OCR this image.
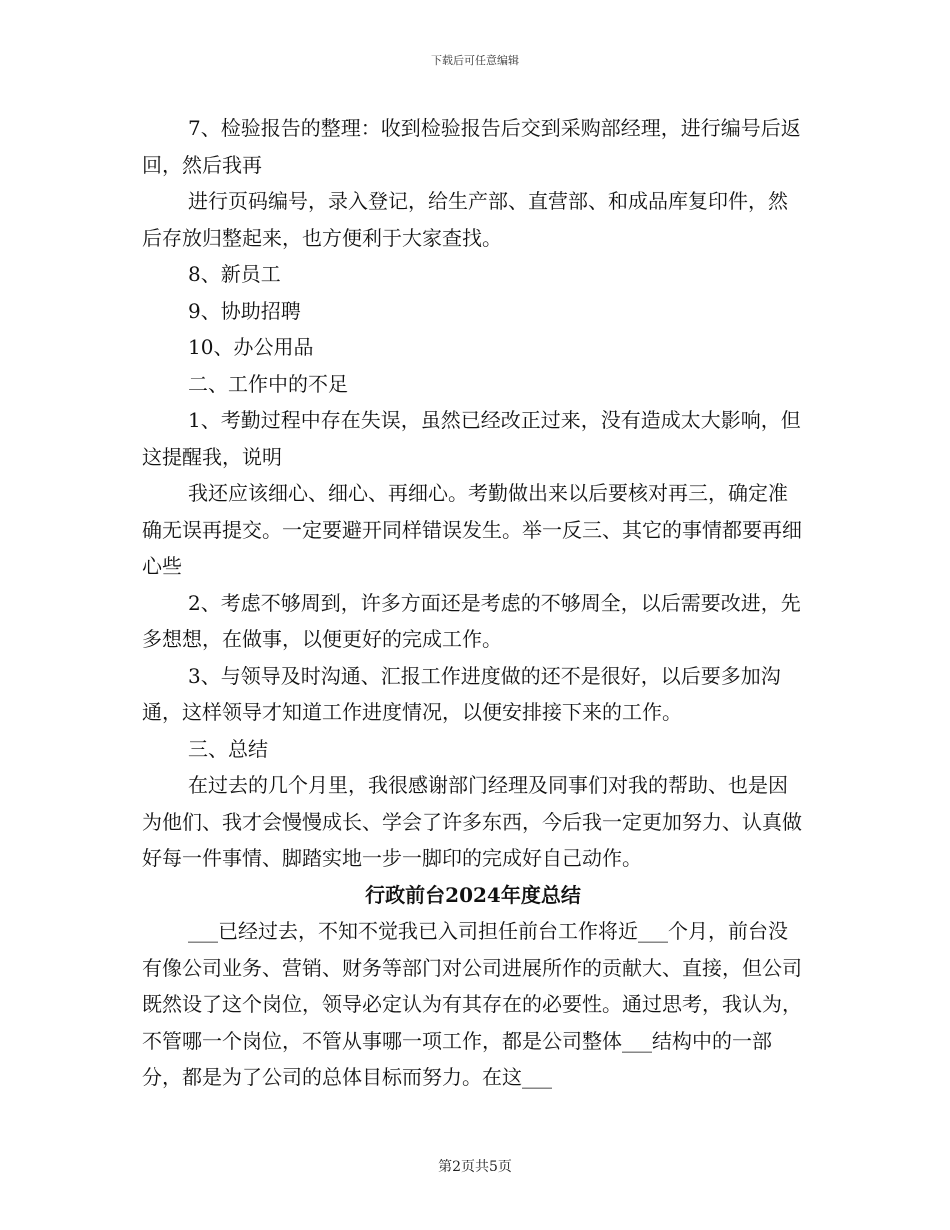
下载后可任意编辑

7、检验报告的整理：收到检验报告后交到采购部经理，进行编号后返回，然后我再

进行页码编号，录入登记，给生产部、直营部、和成品库复印件，然后存放归整起来，也方便利于大家查找。

8、新员工

9、协助招聘

10、办公用品

二、工作中的不足

1、考勤过程中存在失误，虽然已经改正过来，没有造成太大影响，但这提醒我，说明

我还应该细心、细心、再细心。考勤做出来以后要核对再三，确定准确无误再提交。一定要避开同样错误发生。举一反三、其它的事情都要再细心些

2、考虑不够周到，许多方面还是考虑的不够周全，以后需要改进，先多想想，在做事，以便更好的完成工作。

3、与领导及时沟通、汇报工作进度做的还不是很好，以后要多加沟通，这样领导才知道工作进度情况，以便安排接下来的工作。

三、总结

在过去的几个月里，我很感谢部门经理及同事们对我的帮助、也是因为他们、我才会慢慢成长、学会了许多东西，今后我一定更加努力、认真做好每一件事情、脚踏实地一步一脚印的完成好自己动作。

行政前台2024年度总结

___已经过去，不知不觉我已入司担任前台工作将近___个月，前台没有像公司业务、营销、财务等部门对公司进展所作的贡献大、直接，但公司既然设了这个岗位，领导必定认为有其存在的必要性。通过思考，我认为，不管哪一个岗位，不管从事哪一项工作，都是公司整体___结构中的一部分，都是为了公司的总体目标而努力。在这___

第2页共5页
